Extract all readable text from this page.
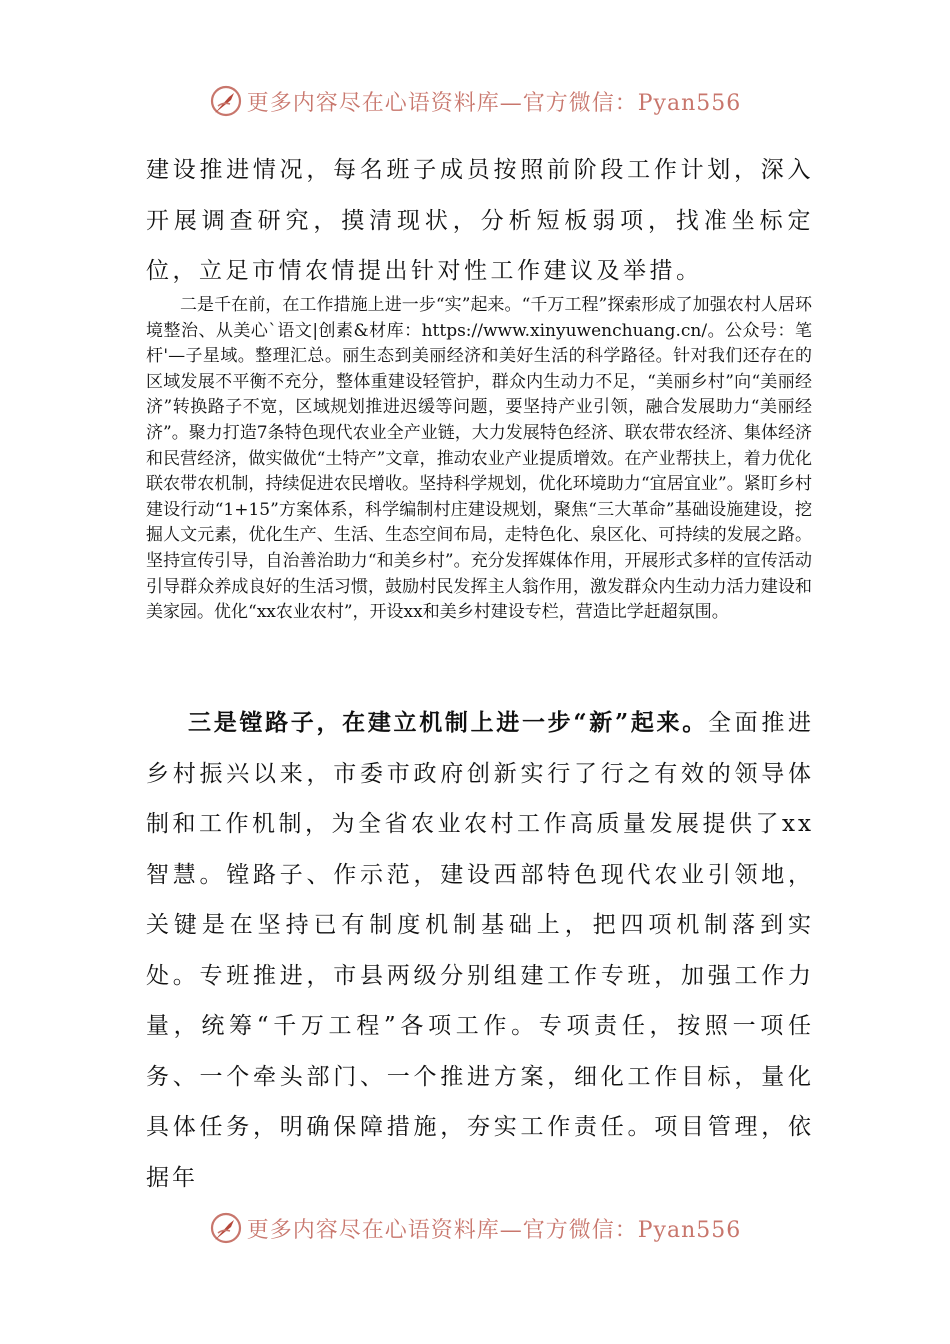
更多内容尽在心语资料库—官方微信：Pyan556

建设推进情况，每名班子成员按照前阶段工作计划，深入开展调查研究，摸清现状，分析短板弱项，找准坐标定位，立足市情农情提出针对性工作建议及举措。

二是千在前，在工作措施上进一步“实”起来。“千万工程”探索形成了加强农村人居环境整治、从美心`语文|创素&材库：https://www.xinyuwenchuang.cn/。公众号：笔杆'—子星域。整理汇总。丽生态到美丽经济和美好生活的科学路径。针对我们还存在的区域发展不平衡不充分，整体重建设轻管护，群众内生动力不足，“美丽乡村”向“美丽经济”转换路子不宽，区域规划推进迟缓等问题，要坚持产业引领，融合发展助力“美丽经济”。聚力打造7条特色现代农业全产业链，大力发展特色经济、联农带农经济、集体经济和民营经济，做实做优“土特产”文章，推动农业产业提质增效。在产业帮扶上，着力优化联农带农机制，持续促进农民增收。坚持科学规划，优化环境助力“宜居宜业”。紧盯乡村建设行动“1+15”方案体系，科学编制村庄建设规划，聚焦“三大革命”基础设施建设，挖掘人文元素，优化生产、生活、生态空间布局，走特色化、泉区化、可持续的发展之路。坚持宣传引导，自治善治助力“和美乡村”。充分发挥媒体作用，开展形式多样的宣传活动引导群众养成良好的生活习惯，鼓励村民发挥主人翁作用，激发群众内生动力活力建设和美家园。优化“xx农业农村”，开设xx和美乡村建设专栏，营造比学赶超氛围。

三是镗路子，在建立机制上进一步“新”起来。全面推进乡村振兴以来，市委市政府创新实行了行之有效的领导体制和工作机制，为全省农业农村工作高质量发展提供了xx智慧。镗路子、作示范，建设西部特色现代农业引领地，关键是在坚持已有制度机制基础上，把四项机制落到实处。专班推进，市县两级分别组建工作专班，加强工作力量，统筹“千万工程”各项工作。专项责任，按照一项任务、一个牵头部门、一个推进方案，细化工作目标，量化具体任务，明确保障措施，夯实工作责任。项目管理，依据年

更多内容尽在心语资料库—官方微信：Pyan556
